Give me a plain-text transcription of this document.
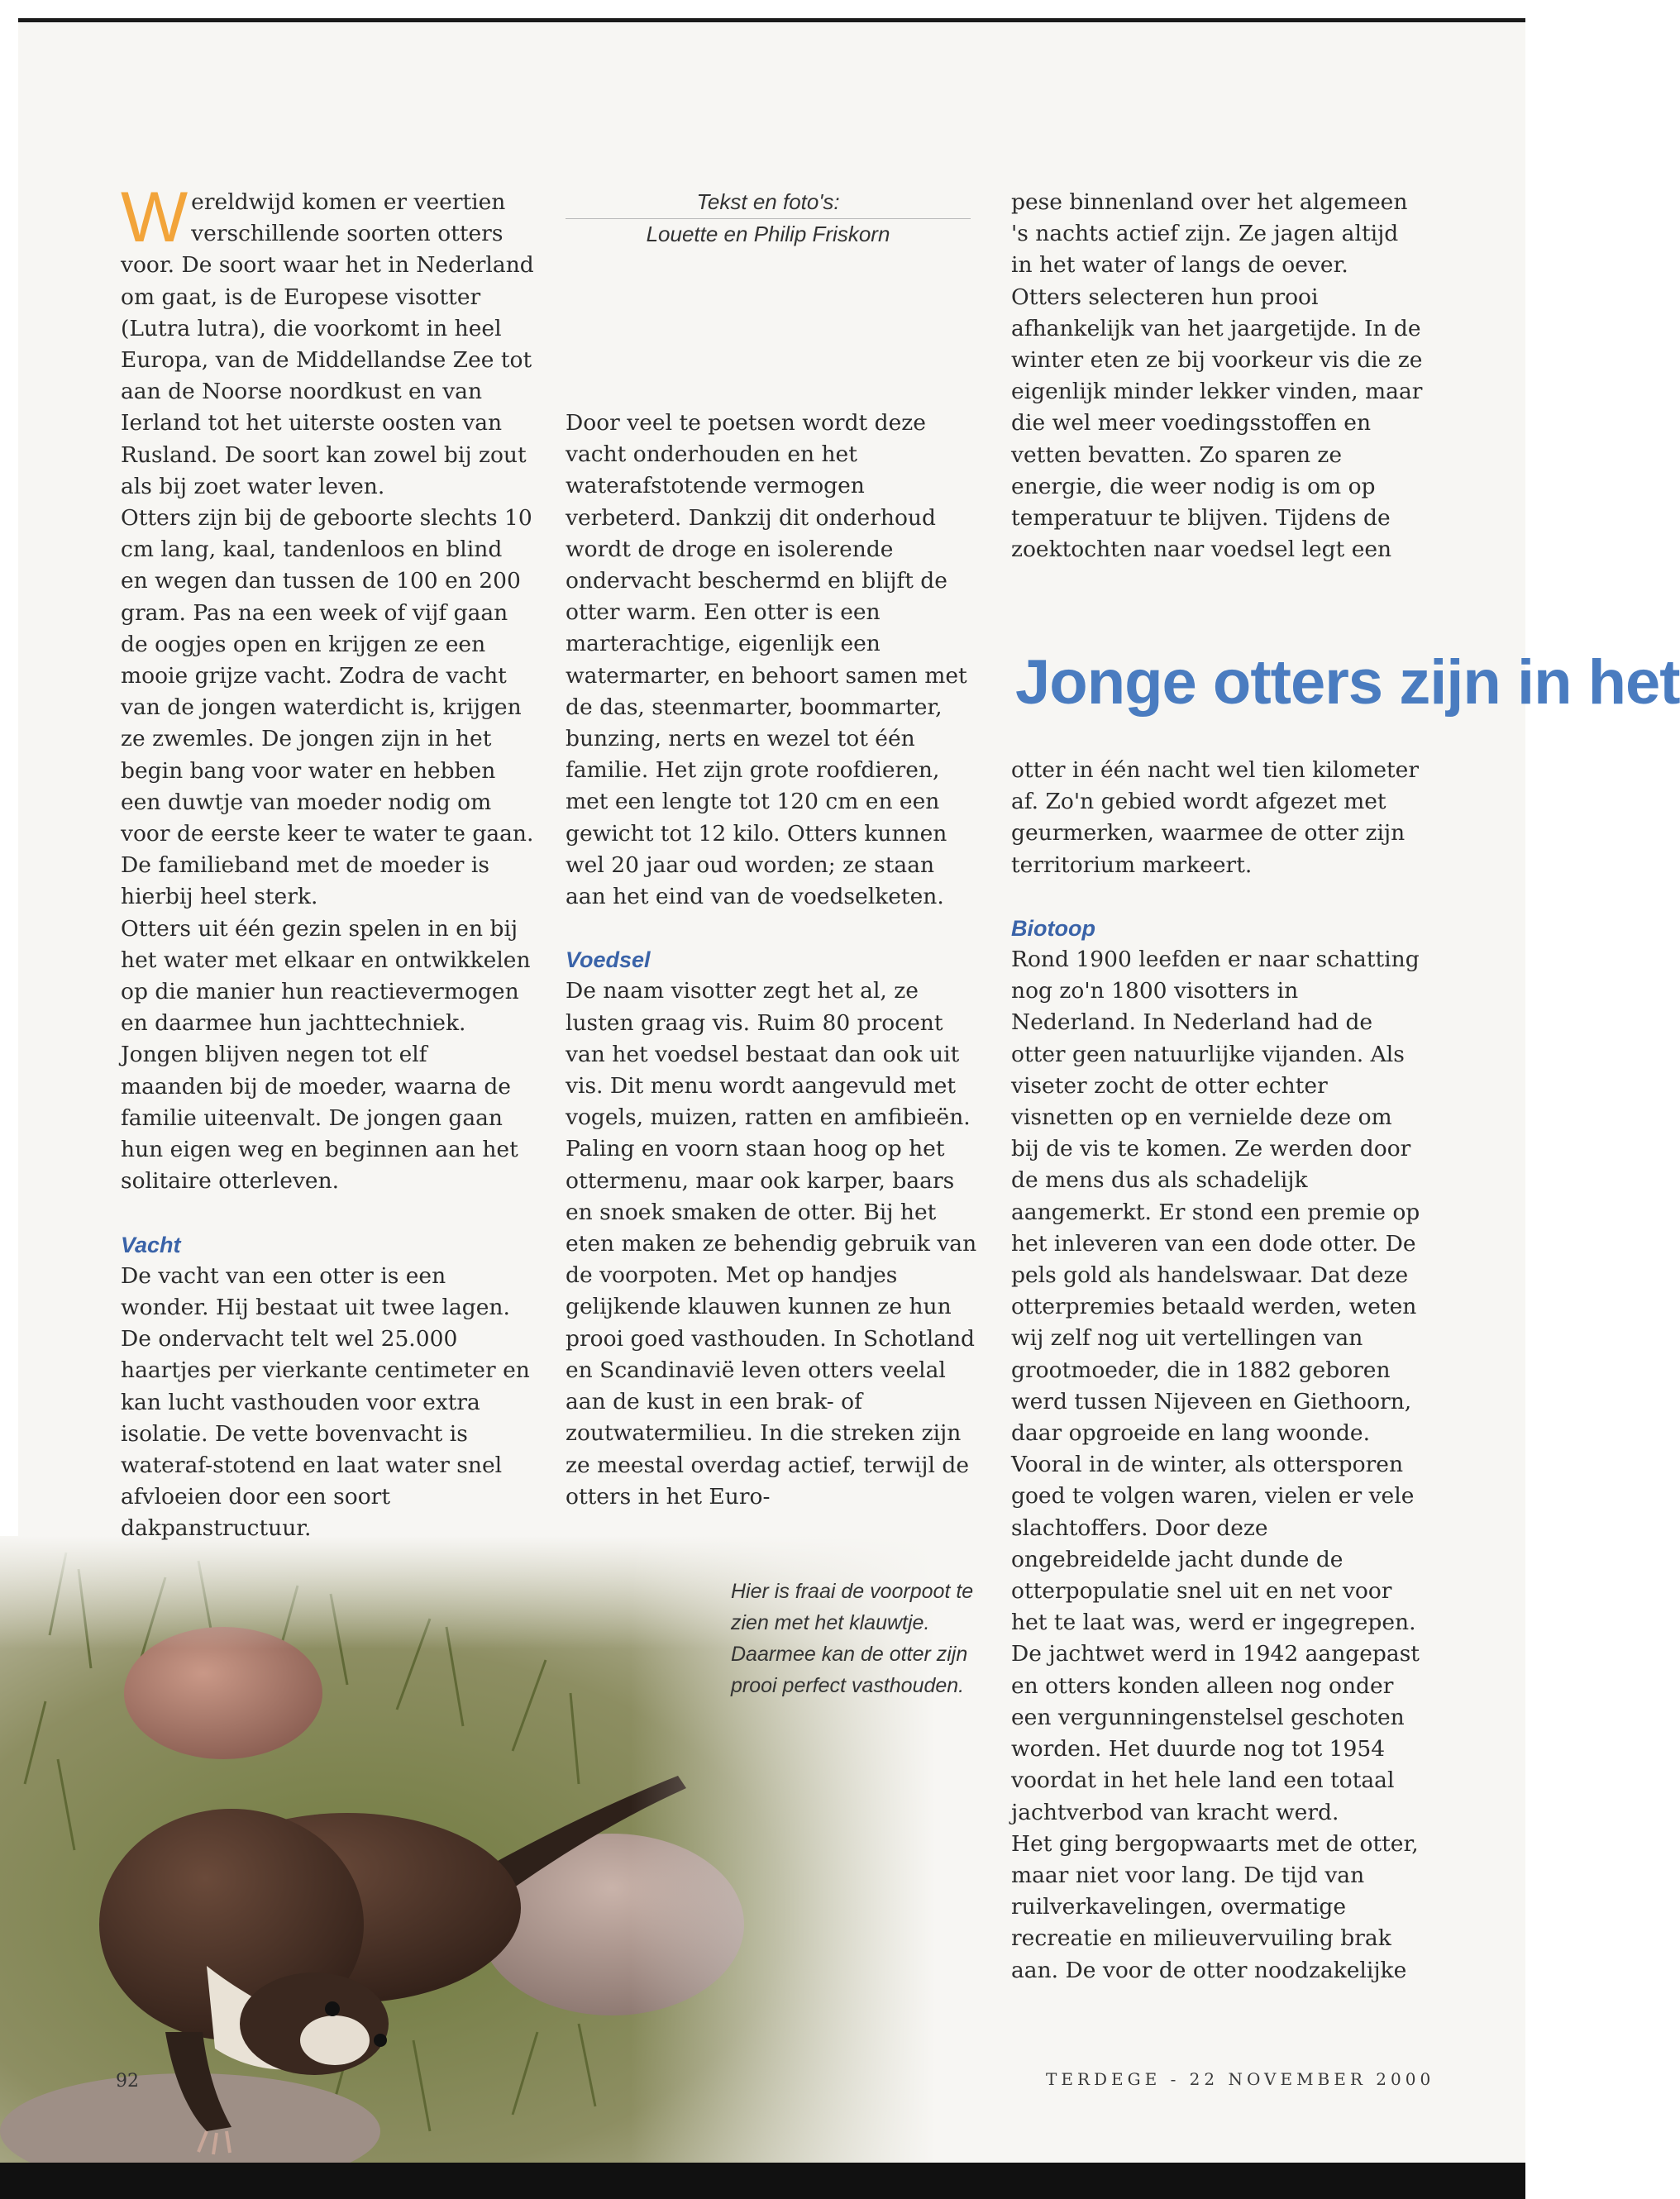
Wereldwijd komen er veertien verschillende soorten otters voor. De soort waar het in Nederland om gaat, is de Europese visotter (Lutra lutra), die voorkomt in heel Europa, van de Middellandse Zee tot aan de Noorse noordkust en van Ierland tot het uiterste oosten van Rusland. De soort kan zowel bij zout als bij zoet water leven.

Otters zijn bij de geboorte slechts 10 cm lang, kaal, tandenloos en blind en wegen dan tussen de 100 en 200 gram. Pas na een week of vijf gaan de oogjes open en krijgen ze een mooie grijze vacht. Zodra de vacht van de jongen waterdicht is, krijgen ze zwemles. De jongen zijn in het begin bang voor water en hebben een duwtje van moeder nodig om voor de eerste keer te water te gaan. De familieband met de moeder is hierbij heel sterk.

Otters uit één gezin spelen in en bij het water met elkaar en ontwikkelen op die manier hun reactievermogen en daarmee hun jachttechniek. Jongen blijven negen tot elf maanden bij de moeder, waarna de familie uiteenvalt. De jongen gaan hun eigen weg en beginnen aan het solitaire otterleven.

Vacht

De vacht van een otter is een wonder. Hij bestaat uit twee lagen. De ondervacht telt wel 25.000 haartjes per vierkante centimeter en kan lucht vasthouden voor extra isolatie. De vette bovenvacht is wateraf-stotend en laat water snel afvloeien door een soort dakpanstructuur.

Tekst en foto's:
Louette en Philip Friskorn

Door veel te poetsen wordt deze vacht onderhouden en het waterafstotende vermogen verbeterd. Dankzij dit onderhoud wordt de droge en isolerende ondervacht beschermd en blijft de otter warm. Een otter is een marterachtige, eigenlijk een watermarter, en behoort samen met de das, steenmarter, boommarter, bunzing, nerts en wezel tot één familie. Het zijn grote roofdieren, met een lengte tot 120 cm en een gewicht tot 12 kilo. Otters kunnen wel 20 jaar oud worden; ze staan aan het eind van de voedselketen.

Voedsel

De naam visotter zegt het al, ze lusten graag vis. Ruim 80 procent van het voedsel bestaat dan ook uit vis. Dit menu wordt aangevuld met vogels, muizen, ratten en amfibieën. Paling en voorn staan hoog op het ottermenu, maar ook karper, baars en snoek smaken de otter. Bij het eten maken ze behendig gebruik van de voorpoten. Met op handjes gelijkende klauwen kunnen ze hun prooi goed vasthouden. In Schotland en Scandinavië leven otters veelal aan de kust in een brak- of zoutwatermilieu. In die streken zijn ze meestal overdag actief, terwijl de otters in het Euro-

pese binnenland over het algemeen 's nachts actief zijn. Ze jagen altijd in het water of langs de oever. Otters selecteren hun prooi afhankelijk van het jaargetijde. In de winter eten ze bij voorkeur vis die ze eigenlijk minder lekker vinden, maar die wel meer voedingsstoffen en vetten bevatten. Zo sparen ze energie, die weer nodig is om op temperatuur te blijven. Tijdens de zoektochten naar voedsel legt een

Jonge otters zijn in het

otter in één nacht wel tien kilometer af. Zo'n gebied wordt afgezet met geurmerken, waarmee de otter zijn territorium markeert.

Biotoop

Rond 1900 leefden er naar schatting nog zo'n 1800 visotters in Nederland. In Nederland had de otter geen natuurlijke vijanden. Als viseter zocht de otter echter visnetten op en vernielde deze om bij de vis te komen. Ze werden door de mens dus als schadelijk aangemerkt. Er stond een premie op het inleveren van een dode otter. De pels gold als handelswaar. Dat deze otterpremies betaald werden, weten wij zelf nog uit vertellingen van grootmoeder, die in 1882 geboren werd tussen Nijeveen en Giethoorn, daar opgroeide en lang woonde. Vooral in de winter, als ottersporen goed te volgen waren, vielen er vele slachtoffers. Door deze ongebreidelde jacht dunde de otterpopulatie snel uit en net voor het te laat was, werd er ingegrepen. De jachtwet werd in 1942 aangepast en otters konden alleen nog onder een vergunningenstelsel geschoten worden. Het duurde nog tot 1954 voordat in het hele land een totaal jachtverbod van kracht werd.

Het ging bergopwaarts met de otter, maar niet voor lang. De tijd van ruilverkavelingen, overmatige recreatie en milieuvervuiling brak aan. De voor de otter noodzakelijke

Hier is fraai de voorpoot te zien met het klauwtje. Daarmee kan de otter zijn prooi perfect vasthouden.
92	TERDEGE - 22 NOVEMBER 2000
